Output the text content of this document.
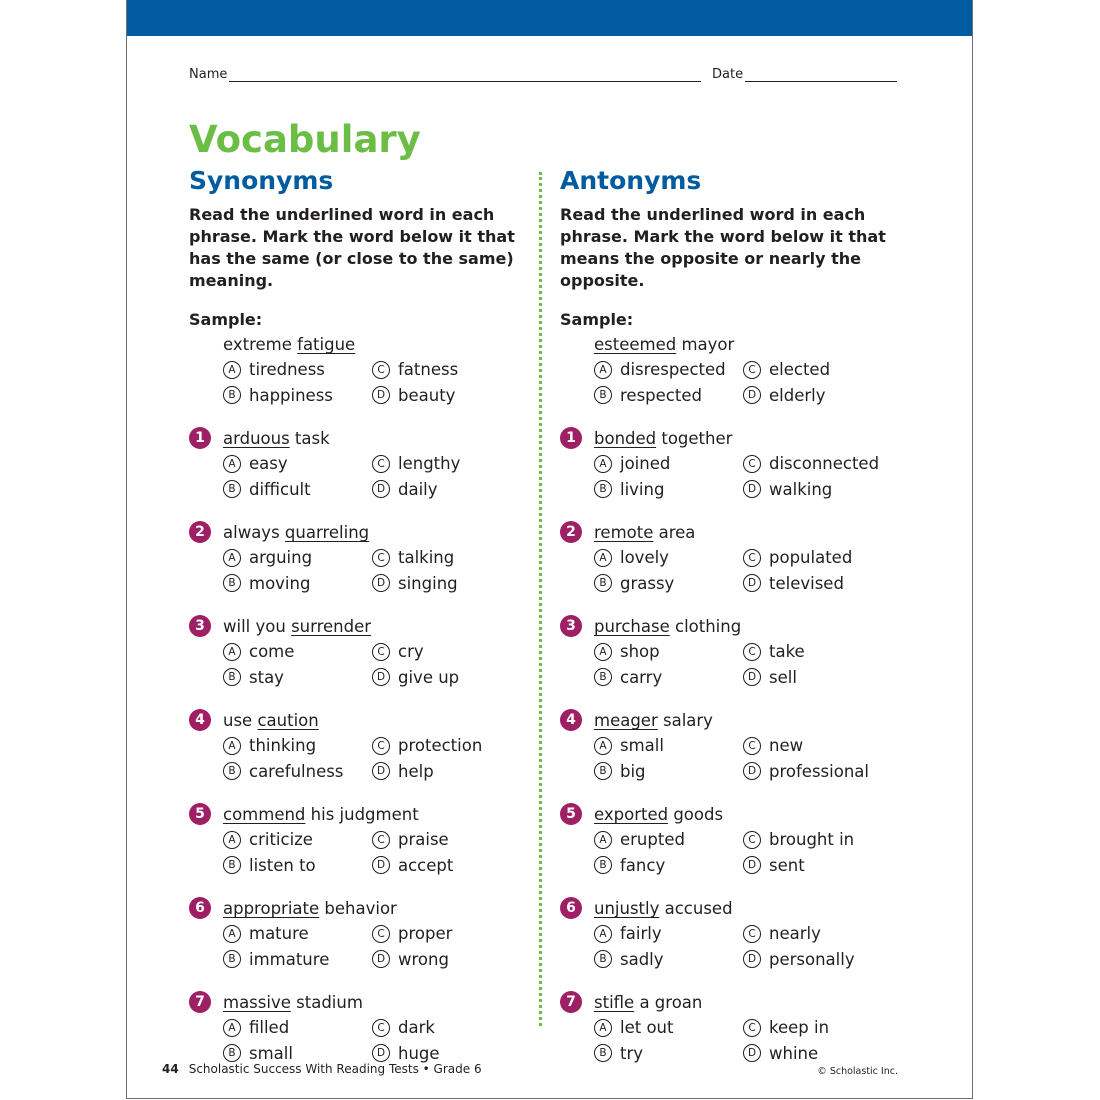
Name	Date
Vocabulary
Synonyms
Read the underlined word in each phrase. Mark the word below it that has the same (or close to the same) meaning.
Sample:
extreme fatigue
A tiredness	C fatness
B happiness	D beauty
1	arduous task
A easy	C lengthy
B difficult	D daily
2	always quarreling
A arguing	C talking
B moving	D singing
3	will you surrender
A come	C cry
B stay	D give up
4	use caution
A thinking	C protection
B carefulness	D help
5	commend his judgment
A criticize	C praise
B listen to	D accept
6	appropriate behavior
A mature	C proper
B immature	D wrong
7	massive stadium
A filled	C dark
B small	D huge
Antonyms
Read the underlined word in each phrase. Mark the word below it that means the opposite or nearly the opposite.
Sample:
esteemed mayor
A disrespected	C elected
B respected	D elderly
1	bonded together
A joined	C disconnected
B living	D walking
2	remote area
A lovely	C populated
B grassy	D televised
3	purchase clothing
A shop	C take
B carry	D sell
4	meager salary
A small	C new
B big	D professional
5	exported goods
A erupted	C brought in
B fancy	D sent
6	unjustly accused
A fairly	C nearly
B sadly	D personally
7	stifle a groan
A let out	C keep in
B try	D whine
44 Scholastic Success With Reading Tests • Grade 6	© Scholastic Inc.
